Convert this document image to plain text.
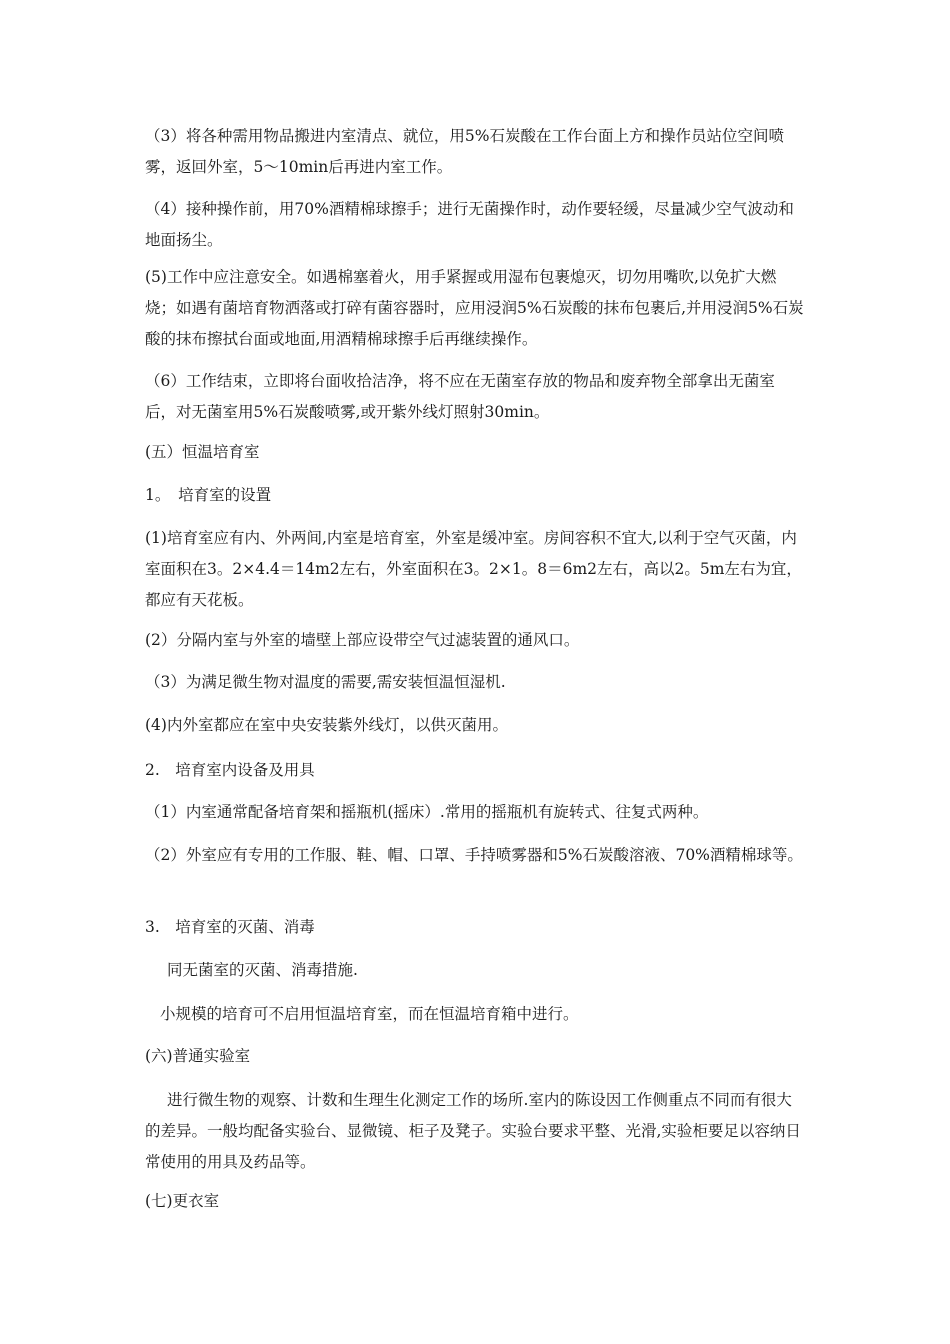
（3）将各种需用物品搬进内室清点、就位，用5%石炭酸在工作台面上方和操作员站位空间喷雾，返回外室，5～10min后再进内室工作。

（4）接种操作前，用70%酒精棉球擦手；进行无菌操作时，动作要轻缓，尽量减少空气波动和地面扬尘。

(5)工作中应注意安全。如遇棉塞着火，用手紧握或用湿布包裹熄灭，切勿用嘴吹,以免扩大燃烧；如遇有菌培育物洒落或打碎有菌容器时，应用浸润5%石炭酸的抹布包裹后,并用浸润5%石炭酸的抹布擦拭台面或地面,用酒精棉球擦手后再继续操作。

（6）工作结束，立即将台面收拾洁净，将不应在无菌室存放的物品和废弃物全部拿出无菌室后，对无菌室用5%石炭酸喷雾,或开紫外线灯照射30min。

(五）恒温培育室

1。　培育室的设置

(1)培育室应有内、外两间,内室是培育室，外室是缓冲室。房间容积不宜大,以利于空气灭菌，内室面积在3。2×4.4＝14m2左右，外室面积在3。2×1。8＝6m2左右，高以2。5m左右为宜，都应有天花板。

(2）分隔内室与外室的墙壁上部应设带空气过滤装置的通风口。

（3）为满足微生物对温度的需要,需安装恒温恒湿机.

(4)内外室都应在室中央安装紫外线灯，以供灭菌用。

2.　培育室内设备及用具

（1）内室通常配备培育架和摇瓶机(摇床）.常用的摇瓶机有旋转式、往复式两种。

（2）外室应有专用的工作服、鞋、帽、口罩、手持喷雾器和5%石炭酸溶液、70%酒精棉球等。

3.　培育室的灭菌、消毒

同无菌室的灭菌、消毒措施.

小规模的培育可不启用恒温培育室，而在恒温培育箱中进行。

(六)普通实验室

进行微生物的观察、计数和生理生化测定工作的场所.室内的陈设因工作侧重点不同而有很大的差异。一般均配备实验台、显微镜、柜子及凳子。实验台要求平整、光滑,实验柜要足以容纳日常使用的用具及药品等。

(七)更衣室
